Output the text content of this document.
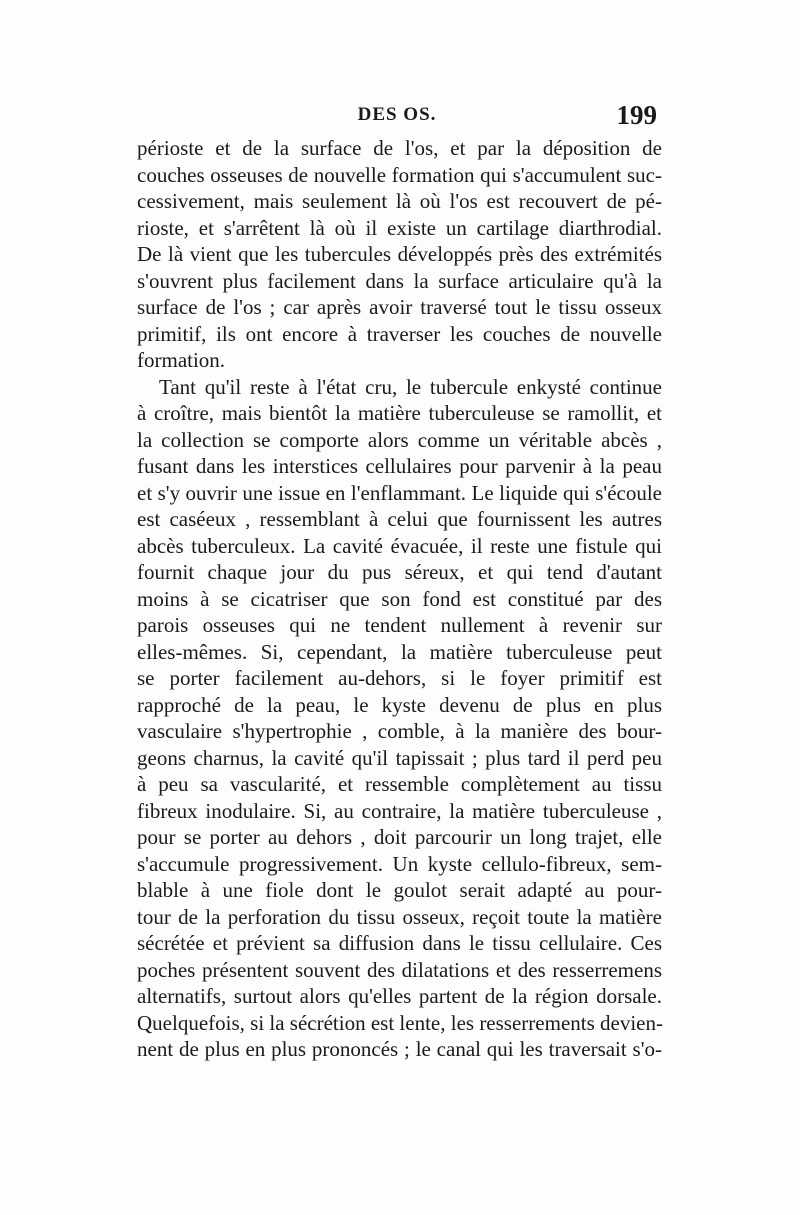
DES OS.	199
périoste et de la surface de l'os, et par la déposition de
couches osseuses de nouvelle formation qui s'accumulent suc-
cessivement, mais seulement là où l'os est recouvert de pé-
rioste, et s'arrêtent là où il existe un cartilage diarthrodial.
De là vient que les tubercules développés près des extrémités
s'ouvrent plus facilement dans la surface articulaire qu'à la
surface de l'os ; car après avoir traversé tout le tissu osseux
primitif, ils ont encore à traverser les couches de nouvelle
formation.
Tant qu'il reste à l'état cru, le tubercule enkysté continue
à croître, mais bientôt la matière tuberculeuse se ramollit, et
la collection se comporte alors comme un véritable abcès ,
fusant dans les interstices cellulaires pour parvenir à la peau
et s'y ouvrir une issue en l'enflammant. Le liquide qui s'écoule
est caséeux , ressemblant à celui que fournissent les autres
abcès tuberculeux. La cavité évacuée, il reste une fistule qui
fournit chaque jour du pus séreux, et qui tend d'autant
moins à se cicatriser que son fond est constitué par des
parois osseuses qui ne tendent nullement à revenir sur
elles-mêmes. Si, cependant, la matière tuberculeuse peut
se porter facilement au-dehors, si le foyer primitif est
rapproché de la peau, le kyste devenu de plus en plus
vasculaire s'hypertrophie , comble, à la manière des bour-
geons charnus, la cavité qu'il tapissait ; plus tard il perd peu
à peu sa vascularité, et ressemble complètement au tissu
fibreux inodulaire. Si, au contraire, la matière tuberculeuse ,
pour se porter au dehors , doit parcourir un long trajet, elle
s'accumule progressivement. Un kyste cellulo-fibreux, sem-
blable à une fiole dont le goulot serait adapté au pour-
tour de la perforation du tissu osseux, reçoit toute la matière
sécrétée et prévient sa diffusion dans le tissu cellulaire. Ces
poches présentent souvent des dilatations et des resserremens
alternatifs, surtout alors qu'elles partent de la région dorsale.
Quelquefois, si la sécrétion est lente, les resserrements devien-
nent de plus en plus prononcés ; le canal qui les traversait s'o-
